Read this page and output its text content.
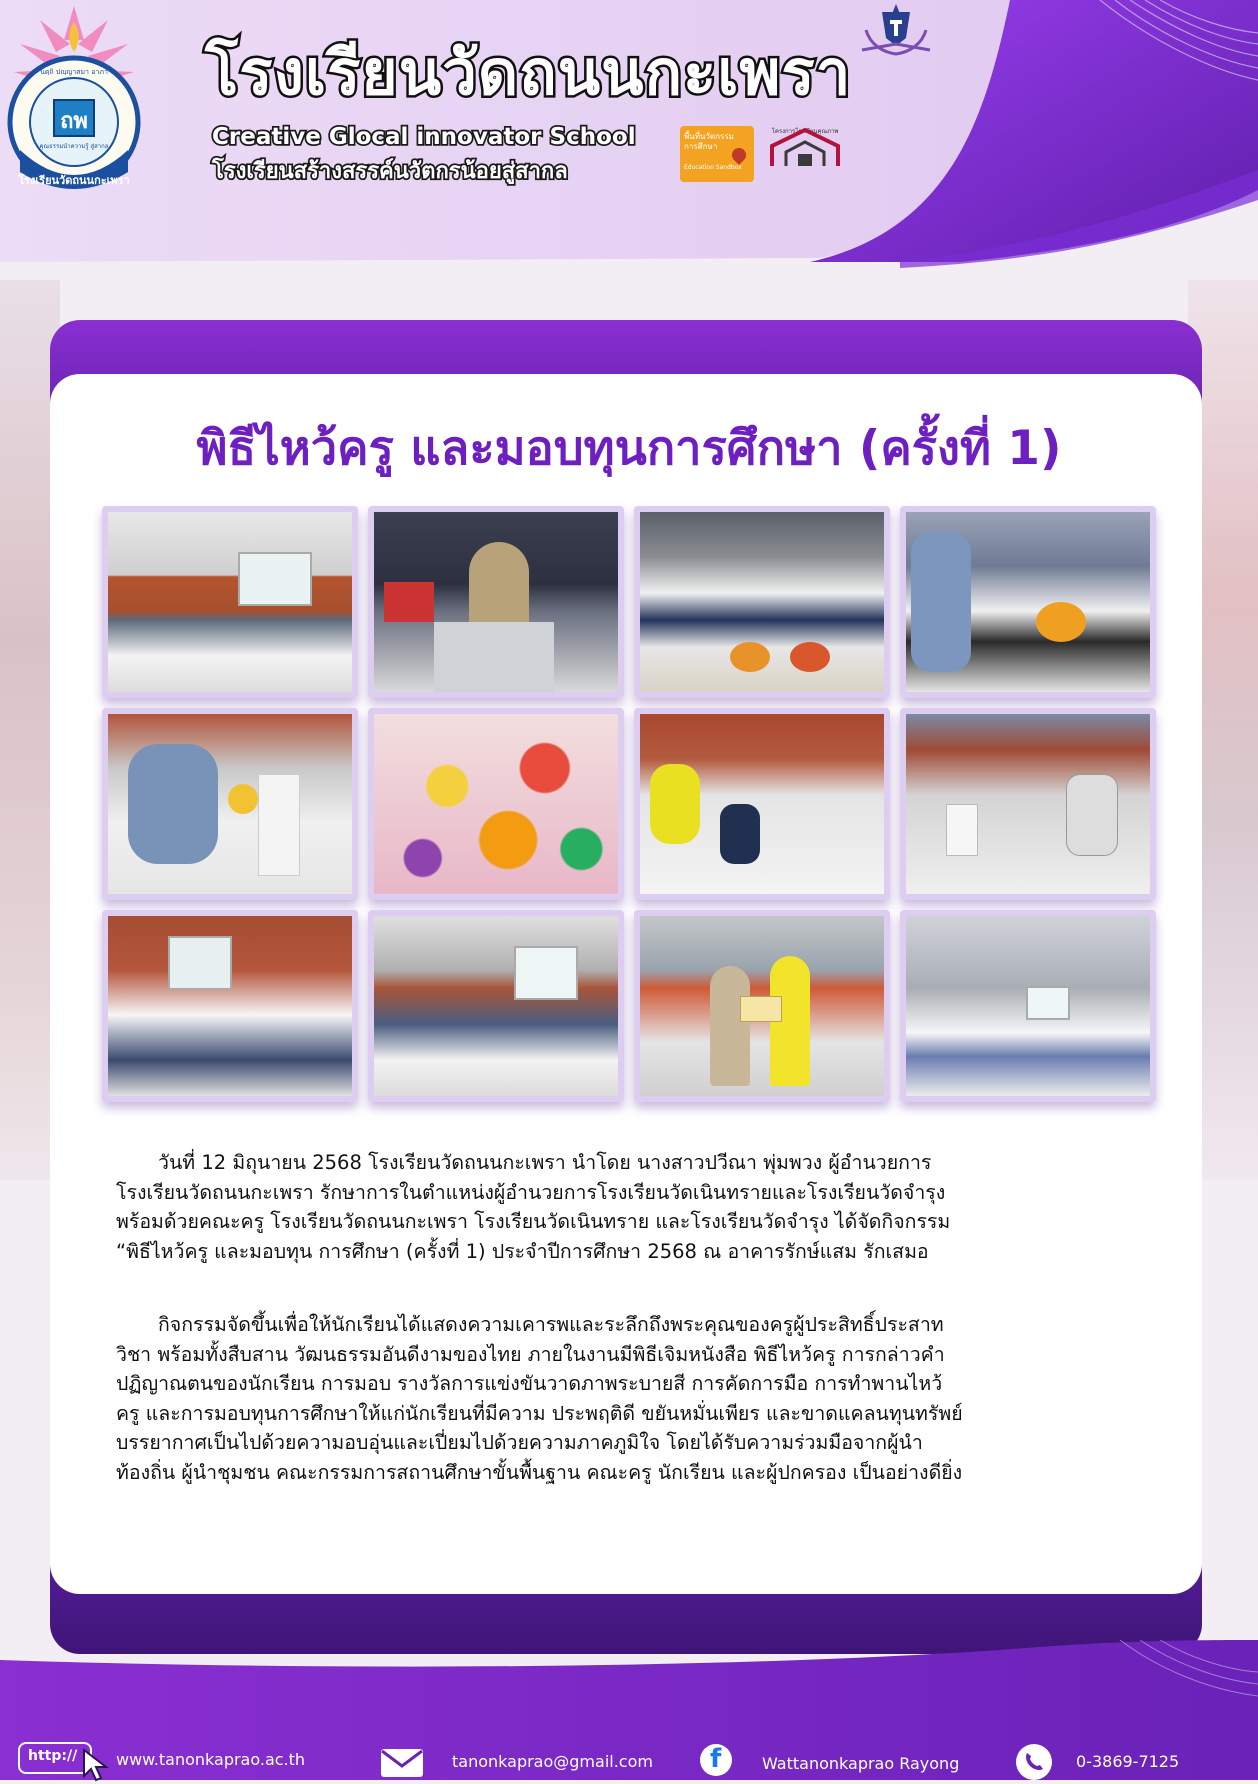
ถพ
โรงเรียนวัดถนนกะเพรา
นตฺถิ ปญฺญาสมา อาภา
คุณธรรมนำความรู้ สู่สากล
โรงเรียนวัดถนนกะเพรา
Creative Glocal innovator School
โรงเรียนสร้างสรรค์นวัตกรน้อยสู่สากล
พื้นที่นวัตกรรม
การศึกษา
Education Sandbox
โครงการโรงเรียนคุณภาพ
พิธีไหว้ครู และมอบทุนการศึกษา (ครั้งที่ 1)

วันที่ 12 มิถุนายน 2568 โรงเรียนวัดถนนกะเพรา นำโดย นางสาวปวีณา พุ่มพวง ผู้อำนวยการ

โรงเรียนวัดถนนกะเพรา รักษาการในตำแหน่งผู้อำนวยการโรงเรียนวัดเนินทรายและโรงเรียนวัดจำรุง

พร้อมด้วยคณะครู โรงเรียนวัดถนนกะเพรา โรงเรียนวัดเนินทราย และโรงเรียนวัดจำรุง ได้จัดกิจกรรม

“พิธีไหว้ครู และมอบทุน การศึกษา (ครั้งที่ 1) ประจำปีการศึกษา 2568 ณ อาคารรักษ์แสม รักเสมอ

กิจกรรมจัดขึ้นเพื่อให้นักเรียนได้แสดงความเคารพและระลึกถึงพระคุณของครูผู้ประสิทธิ์ประสาท

วิชา พร้อมทั้งสืบสาน วัฒนธรรมอันดีงามของไทย ภายในงานมีพิธีเจิมหนังสือ พิธีไหว้ครู การกล่าวคำ

ปฏิญาณตนของนักเรียน การมอบ รางวัลการแข่งขันวาดภาพระบายสี การคัดการมือ การทำพานไหว้

ครู และการมอบทุนการศึกษาให้แก่นักเรียนที่มีความ ประพฤติดี ขยันหมั่นเพียร และขาดแคลนทุนทรัพย์

บรรยากาศเป็นไปด้วยความอบอุ่นและเปี่ยมไปด้วยความภาคภูมิใจ โดยได้รับความร่วมมือจากผู้นำ

ท้องถิ่น ผู้นำชุมชน คณะกรรมการสถานศึกษาขั้นพื้นฐาน คณะครู นักเรียน และผู้ปกครอง เป็นอย่างดียิ่ง

http:// www.tanonkaprao.ac.th	tanonkaprao@gmail.com f	Wattanonkaprao Rayong	0-3869-7125
